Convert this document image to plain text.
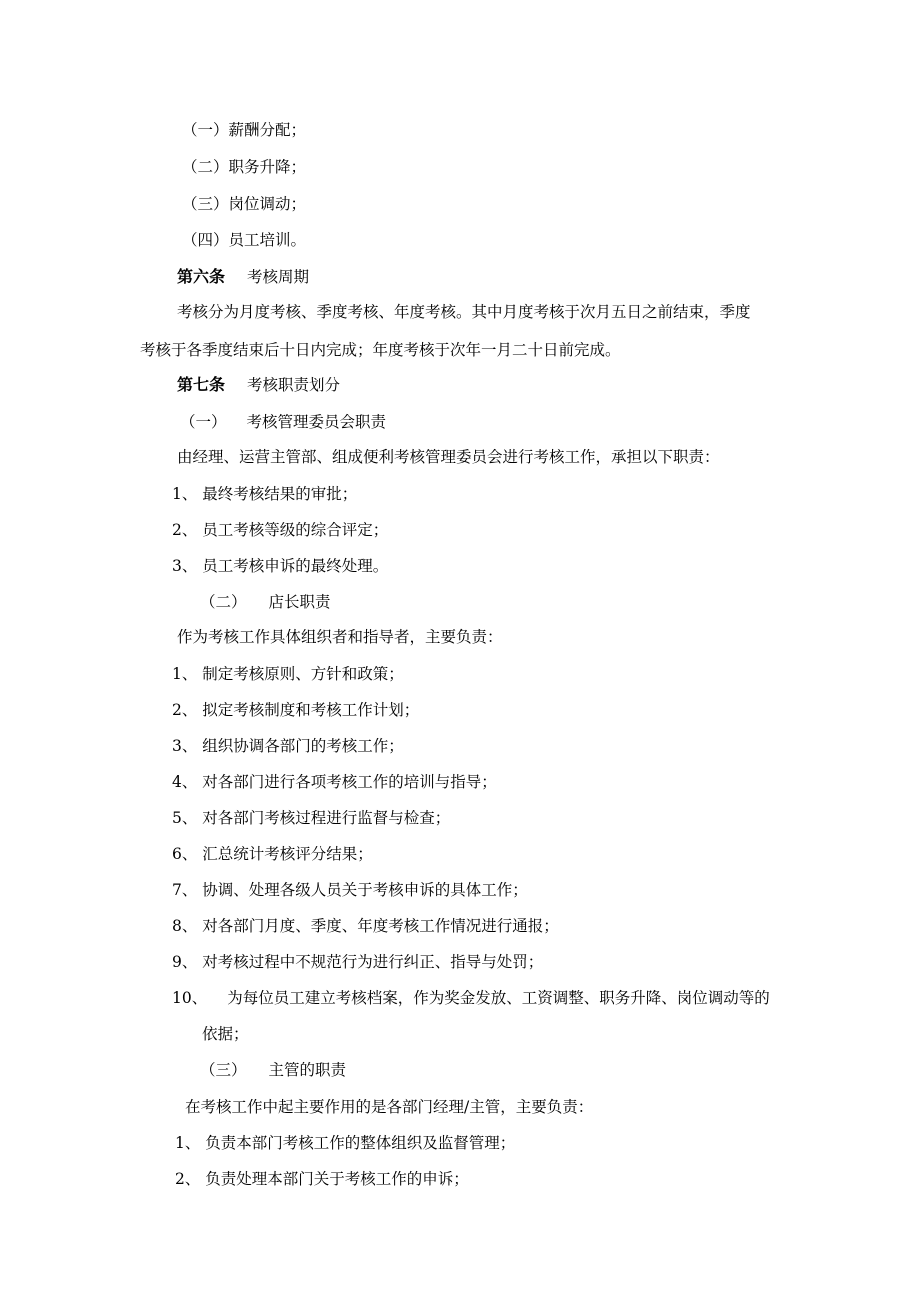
（一）薪酬分配；
（二）职务升降；
（三）岗位调动；
（四）员工培训。
第六条 考核周期
考核分为月度考核、季度考核、年度考核。其中月度考核于次月五日之前结束，季度
考核于各季度结束后十日内完成；年度考核于次年一月二十日前完成。
第七条 考核职责划分
（一） 考核管理委员会职责
由经理、运营主管部、组成便利考核管理委员会进行考核工作，承担以下职责：
1、 最终考核结果的审批；
2、 员工考核等级的综合评定；
3、 员工考核申诉的最终处理。
（二） 店长职责
作为考核工作具体组织者和指导者，主要负责：
1、 制定考核原则、方针和政策；
2、 拟定考核制度和考核工作计划；
3、 组织协调各部门的考核工作；
4、 对各部门进行各项考核工作的培训与指导；
5、 对各部门考核过程进行监督与检查；
6、 汇总统计考核评分结果；
7、 协调、处理各级人员关于考核申诉的具体工作；
8、 对各部门月度、季度、年度考核工作情况进行通报；
9、 对考核过程中不规范行为进行纠正、指导与处罚；
10、 为每位员工建立考核档案，作为奖金发放、工资调整、职务升降、岗位调动等的
依据；
（三） 主管的职责
在考核工作中起主要作用的是各部门经理/主管，主要负责：
1、 负责本部门考核工作的整体组织及监督管理；
2、 负责处理本部门关于考核工作的申诉；
